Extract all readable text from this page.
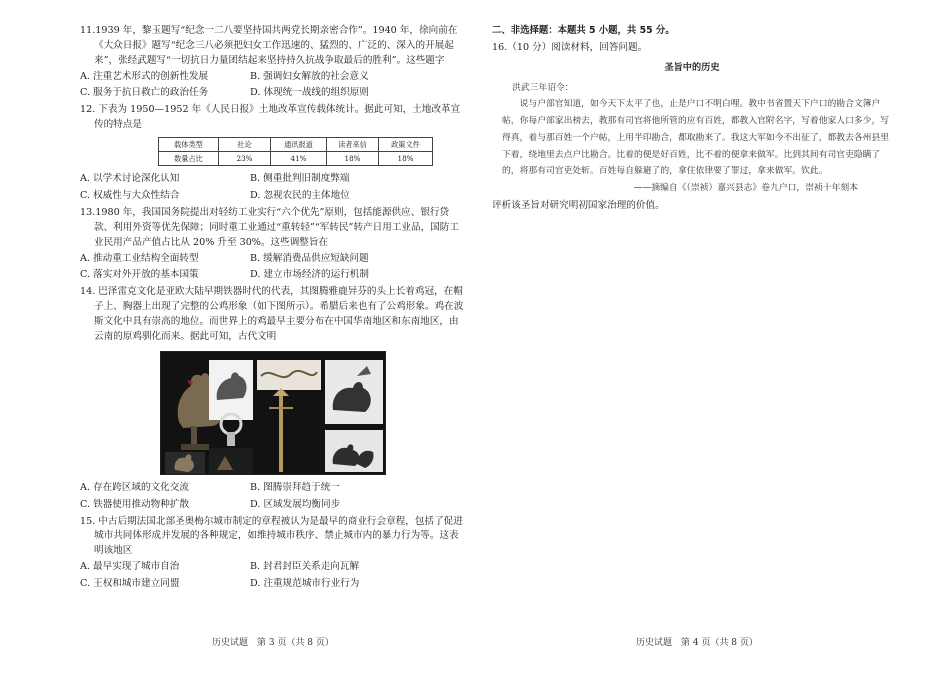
11.1939 年，黎玉题写“纪念一二八要坚持国共两党长期亲密合作”。1940 年，徐向前在《大众日报》题写“纪念三八必须把妇女工作迅速的、猛烈的、广泛的、深入的开展起来”，张经武题写“一切抗日力量团结起来坚持持久抗战争取最后的胜利”。这些题字
A. 注重艺术形式的创新性发展	B. 强调妇女解放的社会意义
C. 服务于抗日救亡的政治任务	D. 体现统一战线的组织原则
12. 下表为 1950—1952 年《人民日报》土地改革宣传载体统计。据此可知，土地改革宣传的特点是
载体类型	社论	通讯报道	读者来信	政策文件
数量占比	23%	41%	18%	18%
A. 以学术讨论深化认知	B. 侧重批判旧制度弊端
C. 权威性与大众性结合	D. 忽视农民的主体地位
13.1980 年，我国国务院提出对轻纺工业实行“六个优先”原则，包括能源供应、银行贷款、利用外资等优先保障；同时重工业通过“重转轻”“军转民”转产日用工业品，国防工业民用产品产值占比从 20% 升至 30%。这些调整旨在
A. 推动重工业结构全面转型	B. 缓解消费品供应短缺问题
C. 落实对外开放的基本国策	D. 建立市场经济的运行机制
14. 巴泽雷克文化是亚欧大陆早期铁器时代的代表，其图腾雅鹿异芬的头上长着鸡冠，在帽子上、胸器上出现了完整的公鸡形象（如下图所示）。希腊后来也有了公鸡形象。鸡在波斯文化中具有崇高的地位。而世界上的鸡最早主要分布在中国华南地区和东南地区，由云南的原鸡驯化而来。据此可知，古代文明
A. 存在跨区域的文化交流	B. 图腾崇拜趋于统一
C. 铁器使用推动物种扩散	D. 区域发展均衡同步
15. 中古后期法国北部圣奥梅尔城市制定的章程被认为是最早的商业行会章程，包括了促进城市共同体形成并发展的各种规定，如维持城市秩序、禁止城市内的暴力行为等。这表明该地区
A. 最早实现了城市自治	B. 封君封臣关系走向瓦解
C. 王权和城市建立同盟	D. 注重规范城市行业行为
历史试题　第 3 页（共 8 页）
二、非选择题：本题共 5 小题，共 55 分。
16.（10 分）阅读材料，回答问题。
圣旨中的历史

洪武三年诏令：

说与户部官知道，如今天下太平了也，止是户口不明白哩。教中书省置天下户口的勘合文簿户帖，你每户部家出榜去，教那有司官将他所管的应有百姓，都教入官附名字，写着他家人口多少，写得真，着与那百姓一个户帖，上用半印勘合，都取勘来了。我这大军如今不出征了，都教去各州县里下着，绕地里去点户比勘合。比着的便是好百姓，比不着的便拿来做军。比到其间有司官吏隐瞒了的，将那有司官吏处斩。百姓每自躲避了的，拿住依律要了罪过，拿来做军。钦此。

——摘编自《（崇祯）嘉兴县志》卷九户口，崇祯十年刻本
评析该圣旨对研究明初国家治理的价值。
历史试题　第 4 页（共 8 页）
